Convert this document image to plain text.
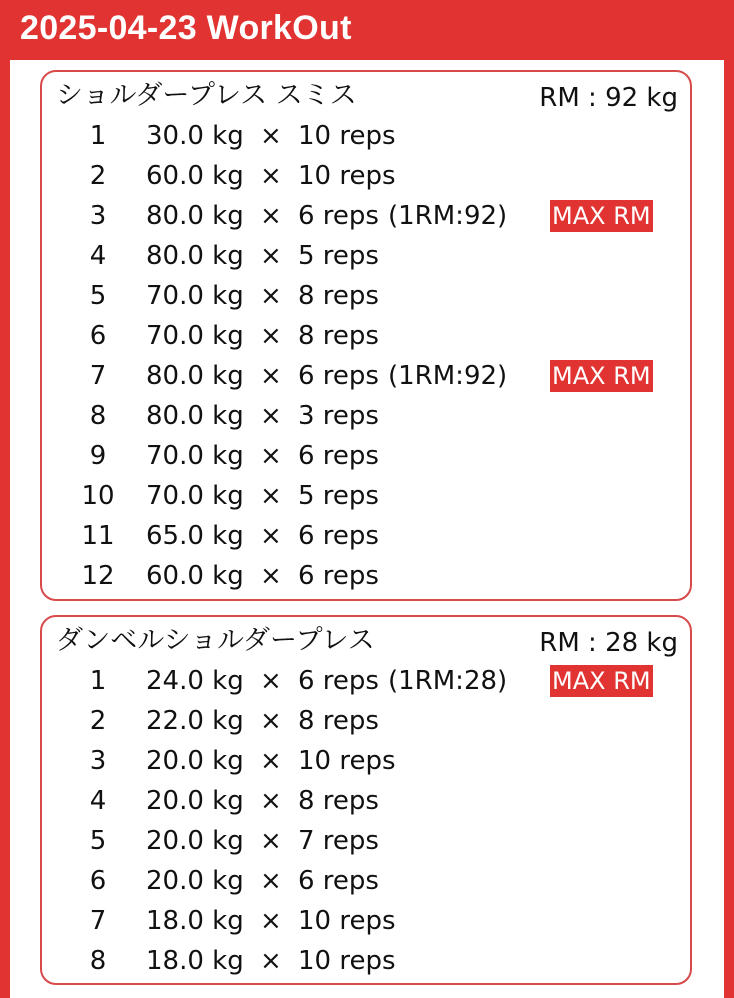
2025-04-23 WorkOut
ショルダープレス スミス	RM : 92 kg
1	30.0 kg × 10 reps
2	60.0 kg × 10 reps
3	80.0 kg × 6 reps (1RM:92) MAX RM
4	80.0 kg × 5 reps
5	70.0 kg × 8 reps
6	70.0 kg × 8 reps
7	80.0 kg × 6 reps (1RM:92) MAX RM
8	80.0 kg × 3 reps
9	70.0 kg × 6 reps
10	70.0 kg × 5 reps
11	65.0 kg × 6 reps
12	60.0 kg × 6 reps
ダンベルショルダープレス	RM : 28 kg
1	24.0 kg × 6 reps (1RM:28) MAX RM
2	22.0 kg × 8 reps
3	20.0 kg × 10 reps
4	20.0 kg × 8 reps
5	20.0 kg × 7 reps
6	20.0 kg × 6 reps
7	18.0 kg × 10 reps
8	18.0 kg × 10 reps
